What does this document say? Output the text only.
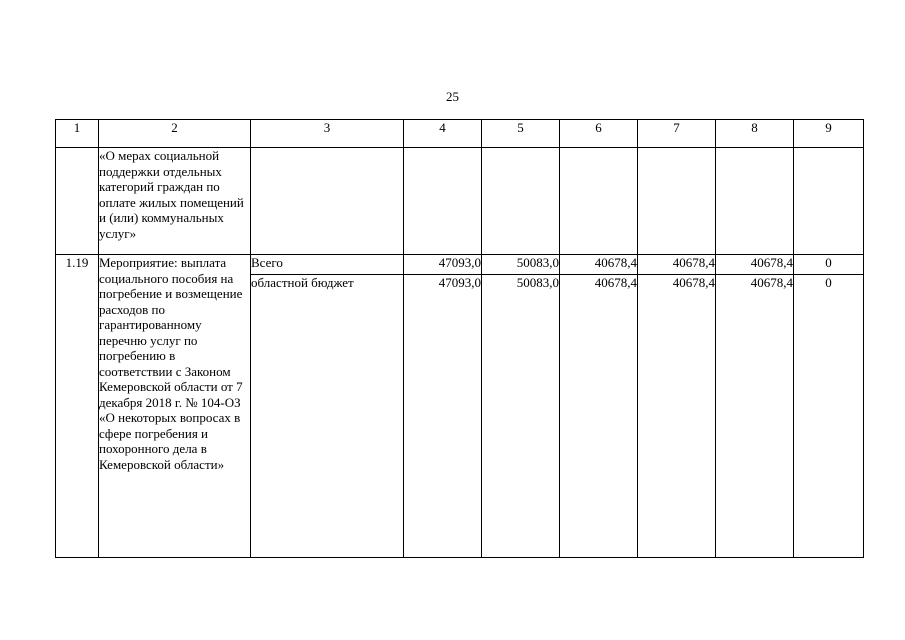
25
1	2	3	4	5	6	7	8	9
	«О мерах социальной поддержки отдельных категорий граждан по оплате жилых помещений и (или) коммунальных услуг»							
1.19	Мероприятие: выплата социального пособия на погребение и возмещение расходов по гарантированному перечню услуг по погребению в соответствии с Законом Кемеровской области от 7 декабря 2018 г. № 104-ОЗ «О некоторых вопросах в сфере погребения и похоронного дела в Кемеровской области»	Всего	47093,0	50083,0	40678,4	40678,4	40678,4	0
		областной бюджет	47093,0	50083,0	40678,4	40678,4	40678,4	0
